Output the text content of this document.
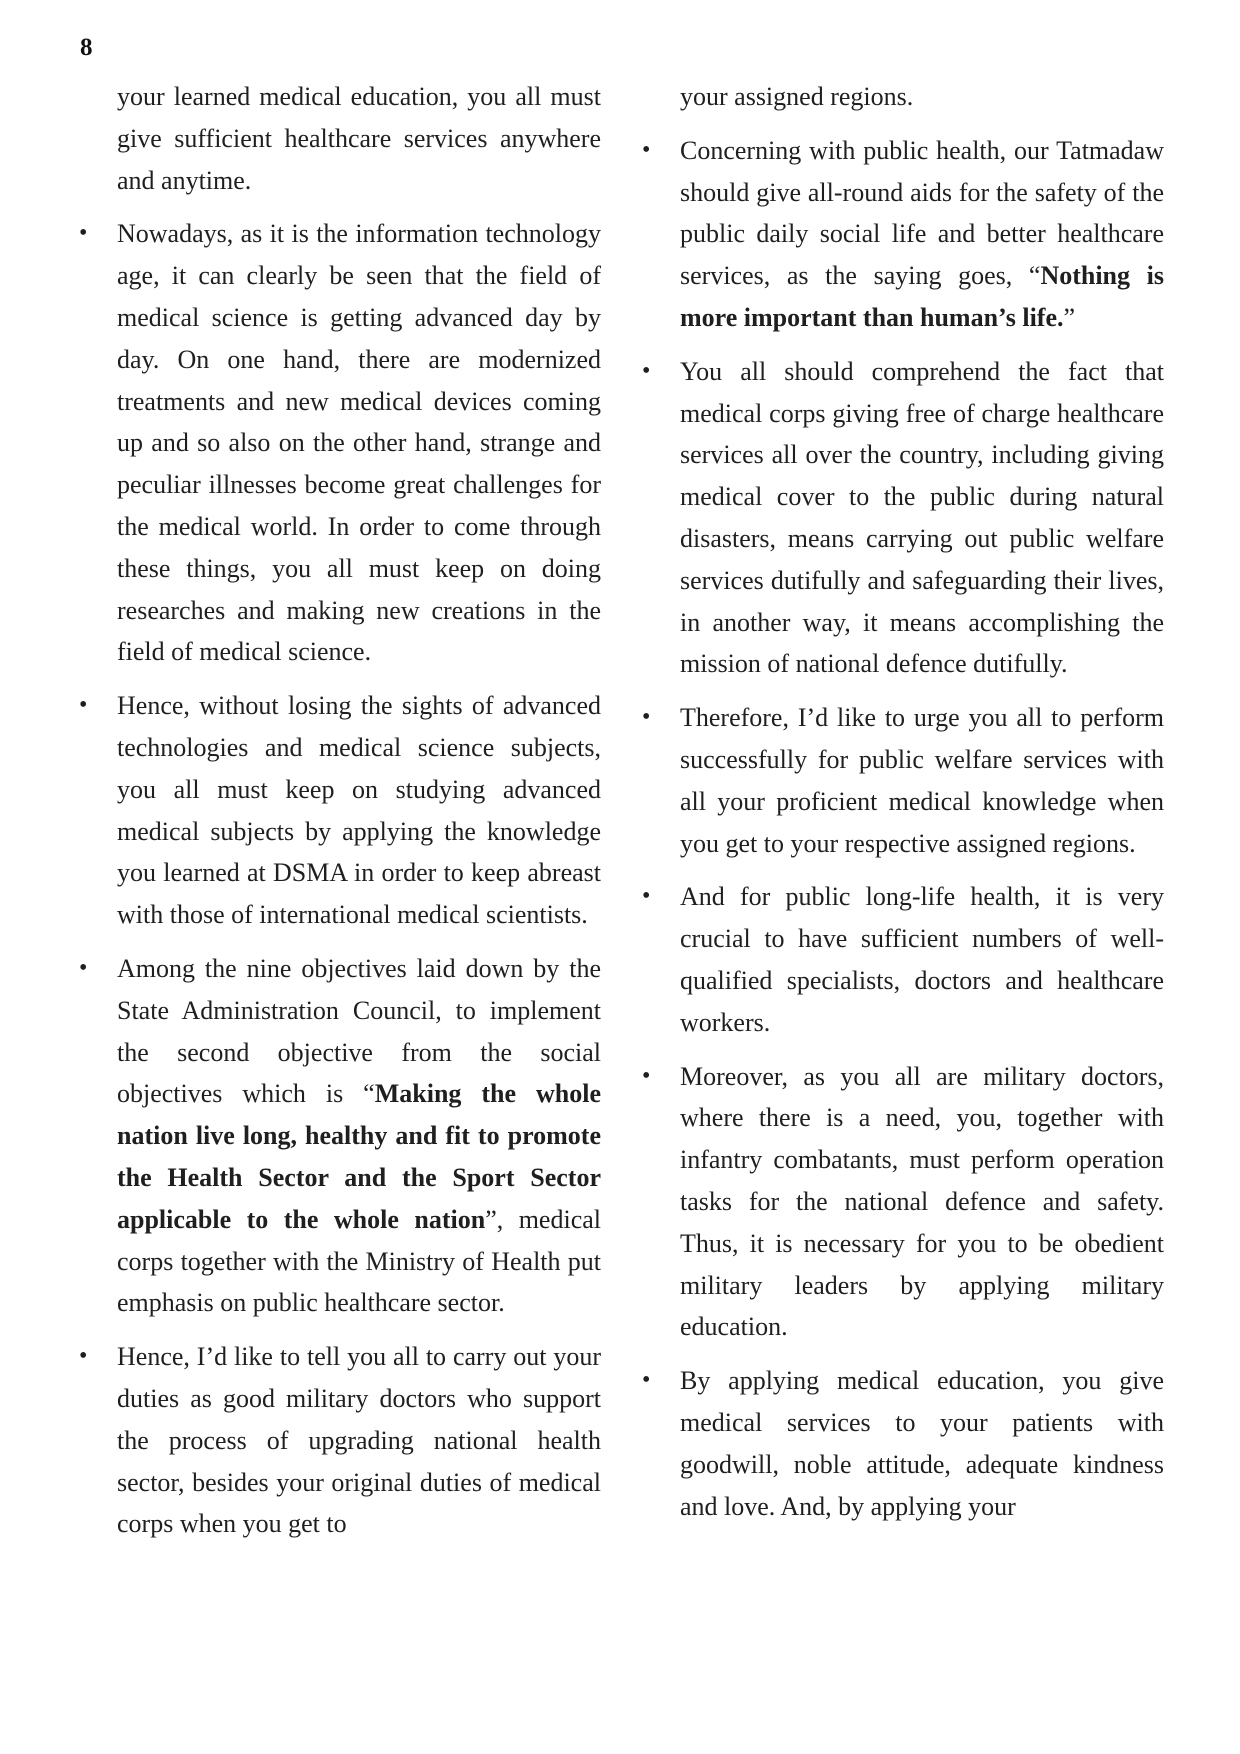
8

your learned medical education, you all must give sufficient healthcare services anywhere and anytime.

• Nowadays, as it is the information technology age, it can clearly be seen that the field of medical science is getting advanced day by day. On one hand, there are modernized treatments and new medical devices coming up and so also on the other hand, strange and peculiar illnesses become great challenges for the medical world. In order to come through these things, you all must keep on doing researches and making new creations in the field of medical science.

• Hence, without losing the sights of advanced technologies and medical science subjects, you all must keep on studying advanced medical subjects by applying the knowledge you learned at DSMA in order to keep abreast with those of international medical scientists.

• Among the nine objectives laid down by the State Administration Council, to implement the second objective from the social objectives which is “Making the whole nation live long, healthy and fit to promote the Health Sector and the Sport Sector applicable to the whole nation”, medical corps together with the Ministry of Health put emphasis on public healthcare sector.

• Hence, I’d like to tell you all to carry out your duties as good military doctors who support the process of upgrading national health sector, besides your original duties of medical corps when you get to

your assigned regions.

• Concerning with public health, our Tatmadaw should give all-round aids for the safety of the public daily social life and better healthcare services, as the saying goes, “Nothing is more important than human’s life.”

• You all should comprehend the fact that medical corps giving free of charge healthcare services all over the country, including giving medical cover to the public during natural disasters, means carrying out public welfare services dutifully and safeguarding their lives, in another way, it means accomplishing the mission of national defence dutifully.

• Therefore, I’d like to urge you all to perform successfully for public welfare services with all your proficient medical knowledge when you get to your respective assigned regions.

• And for public long-life health, it is very crucial to have sufficient numbers of well-qualified specialists, doctors and healthcare workers.

• Moreover, as you all are military doctors, where there is a need, you, together with infantry combatants, must perform operation tasks for the national defence and safety. Thus, it is necessary for you to be obedient military leaders by applying military education.

• By applying medical education, you give medical services to your patients with goodwill, noble attitude, adequate kindness and love. And, by applying your
